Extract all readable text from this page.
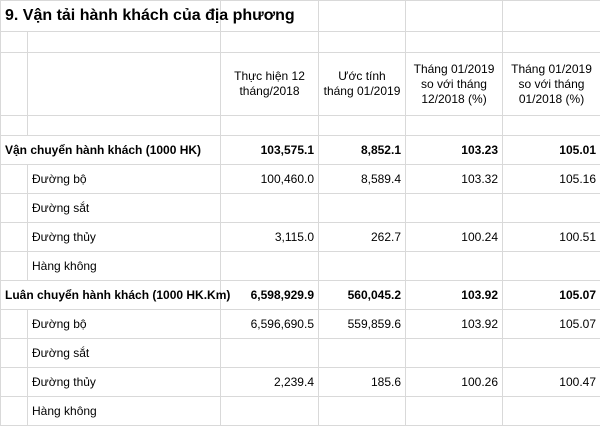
9. Vận tải hành khách của địa phương					

		Thực hiện 12 tháng/2018	Ước tính tháng 01/2019	Tháng 01/2019 so với tháng 12/2018 (%)	Tháng 01/2019 so với tháng 01/2018 (%)

Vận chuyển hành khách (1000 HK)		103,575.1	8,852.1	103.23	105.01
	Đường bộ	100,460.0	8,589.4	103.32	105.16
	Đường sắt				
	Đường thủy	3,115.0	262.7	100.24	100.51
	Hàng không				
Luân chuyển hành khách (1000 HK.Km)		6,598,929.9	560,045.2	103.92	105.07
	Đường bộ	6,596,690.5	559,859.6	103.92	105.07
	Đường sắt				
	Đường thủy	2,239.4	185.6	100.26	100.47
	Hàng không				
